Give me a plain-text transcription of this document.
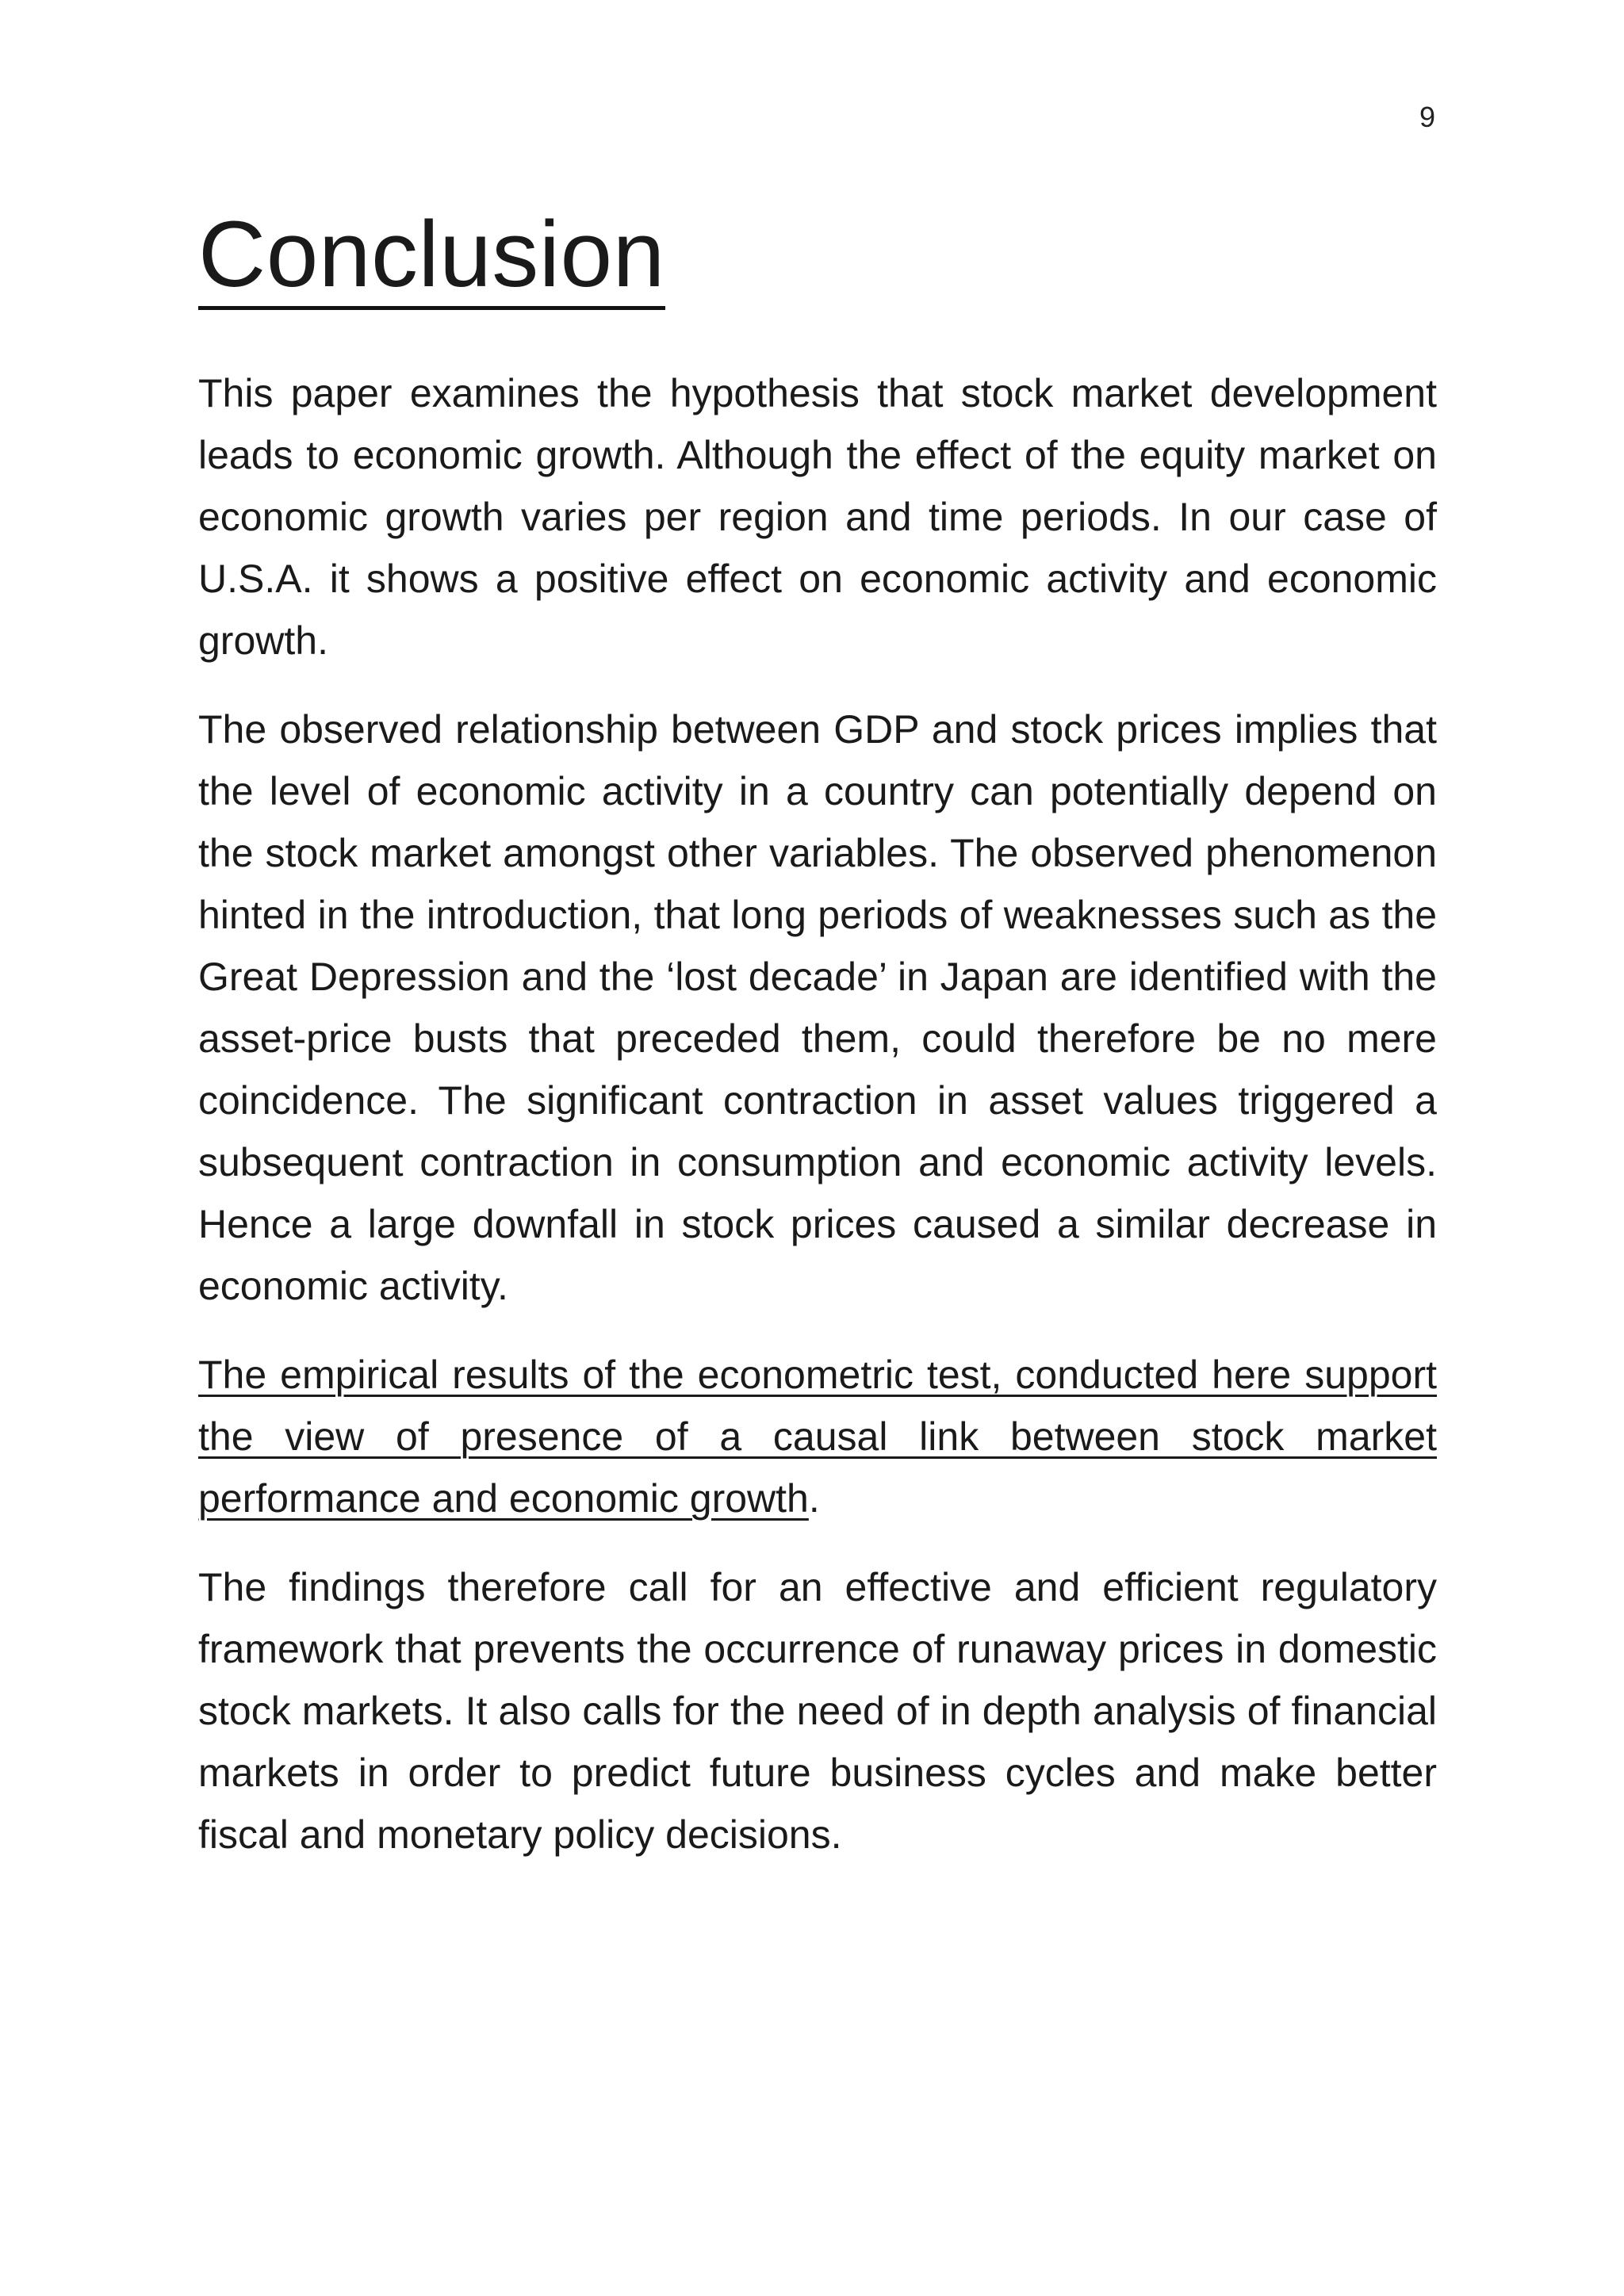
9
Conclusion

This paper examines the hypothesis that stock market development leads to economic growth. Although the effect of the equity market on economic growth varies per region and time periods. In our case of U.S.A. it shows a positive effect on economic activity and economic growth.

The observed relationship between GDP and stock prices implies that the level of economic activity in a country can potentially depend on the stock market amongst other variables. The observed phenomenon hinted in the introduction, that long periods of weaknesses such as the Great Depression and the ‘lost decade’ in Japan are identified with the asset-price busts that preceded them, could therefore be no mere coincidence. The significant contraction in asset values triggered a subsequent contraction in consumption and economic activity levels. Hence a large downfall in stock prices caused a similar decrease in economic activity.

The empirical results of the econometric test, conducted here support the view of presence of a causal link between stock market performance and economic growth.

The findings therefore call for an effective and efficient regulatory framework that prevents the occurrence of runaway prices in domestic stock markets. It also calls for the need of in depth analysis of financial markets in order to predict future business cycles and make better fiscal and monetary policy decisions.
